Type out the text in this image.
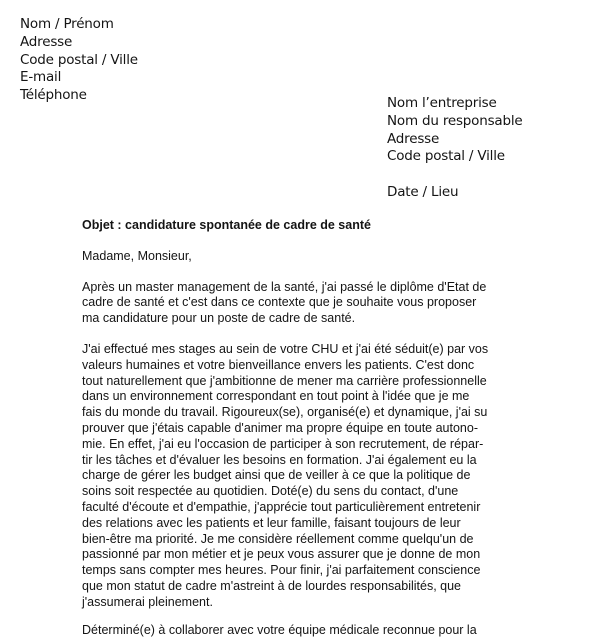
Nom / Prénom
Adresse
Code postal / Ville
E-mail
Téléphone	Nom l’entreprise
Nom du responsable
Adresse
Code postal / Ville
Date / Lieu
Objet : candidature spontanée de cadre de santé
Madame, Monsieur,
Après un master management de la santé, j'ai passé le diplôme d'Etat de
cadre de santé et c'est dans ce contexte que je souhaite vous proposer
ma candidature pour un poste de cadre de santé.
J'ai effectué mes stages au sein de votre CHU et j'ai été séduit(e) par vos
valeurs humaines et votre bienveillance envers les patients. C'est donc
tout naturellement que j'ambitionne de mener ma carrière professionnelle
dans un environnement correspondant en tout point à l'idée que je me
fais du monde du travail. Rigoureux(se), organisé(e) et dynamique, j'ai su
prouver que j'étais capable d'animer ma propre équipe en toute autono-
mie. En effet, j'ai eu l'occasion de participer à son recrutement, de répar-
tir les tâches et d'évaluer les besoins en formation. J'ai également eu la
charge de gérer les budget ainsi que de veiller à ce que la politique de
soins soit respectée au quotidien. Doté(e) du sens du contact, d'une
faculté d'écoute et d'empathie, j'apprécie tout particulièrement entretenir
des relations avec les patients et leur famille, faisant toujours de leur
bien-être ma priorité. Je me considère réellement comme quelqu'un de
passionné par mon métier et je peux vous assurer que je donne de mon
temps sans compter mes heures. Pour finir, j'ai parfaitement conscience
que mon statut de cadre m'astreint à de lourdes responsabilités, que
j'assumerai pleinement.
Déterminé(e) à collaborer avec votre équipe médicale reconnue pour la
